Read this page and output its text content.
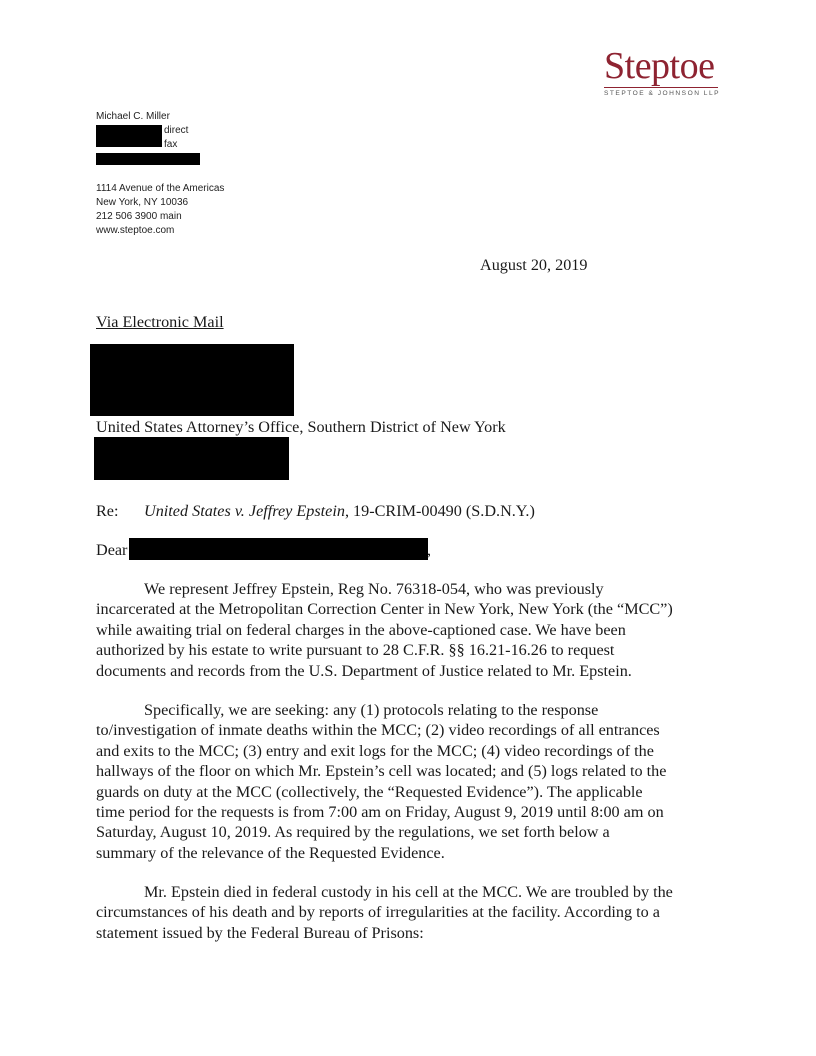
Steptoe
STEPTOE & JOHNSON LLP
Michael C. Miller
direct
fax
1114 Avenue of the Americas
New York, NY 10036
212 506 3900 main
www.steptoe.com
August 20, 2019
Via Electronic Mail
United States Attorney’s Office, Southern District of New York
Re: United States v. Jeffrey Epstein, 19-CRIM-00490 (S.D.N.Y.)
Dear	,

We represent Jeffrey Epstein, Reg No. 76318-054, who was previously

incarcerated at the Metropolitan Correction Center in New York, New York (the “MCC”)

while awaiting trial on federal charges in the above-captioned case. We have been

authorized by his estate to write pursuant to 28 C.F.R. §§ 16.21-16.26 to request

documents and records from the U.S. Department of Justice related to Mr. Epstein.

Specifically, we are seeking: any (1) protocols relating to the response

to/investigation of inmate deaths within the MCC; (2) video recordings of all entrances

and exits to the MCC; (3) entry and exit logs for the MCC; (4) video recordings of the

hallways of the floor on which Mr. Epstein’s cell was located; and (5) logs related to the

guards on duty at the MCC (collectively, the “Requested Evidence”). The applicable

time period for the requests is from 7:00 am on Friday, August 9, 2019 until 8:00 am on

Saturday, August 10, 2019. As required by the regulations, we set forth below a

summary of the relevance of the Requested Evidence.

Mr. Epstein died in federal custody in his cell at the MCC. We are troubled by the

circumstances of his death and by reports of irregularities at the facility. According to a

statement issued by the Federal Bureau of Prisons:
